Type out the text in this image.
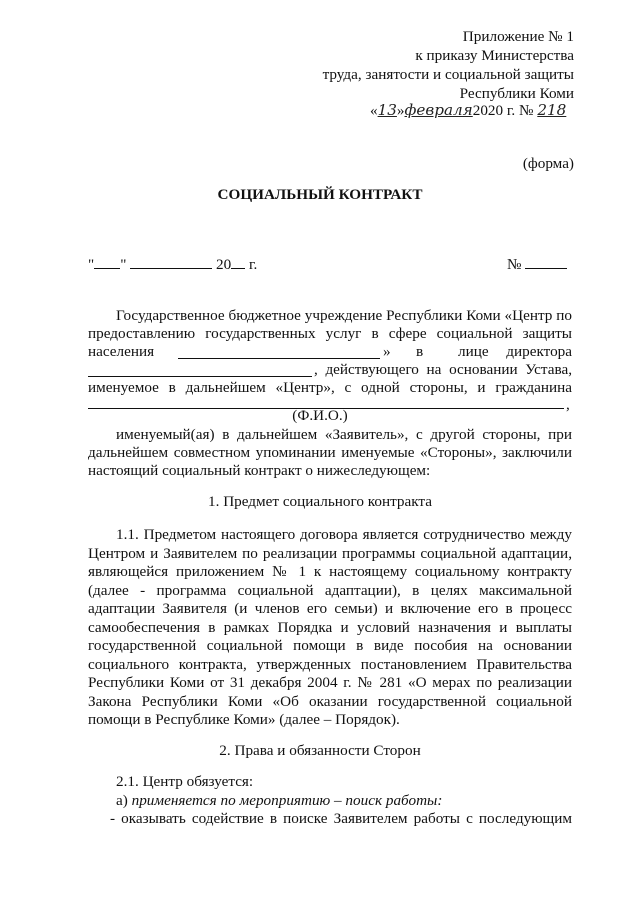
Приложение № 1
к приказу Министерства
труда, занятости и социальной защиты
Республики Коми
«13»февраля2020 г. № 218
(форма)
СОЦИАЛЬНЫЙ КОНТРАКТ
" "	20 г.	№
Государственное бюджетное учреждение Республики Коми «Центр по
предоставлению государственных услуг в сфере социальной защиты
населения	» в лице директора
, действующего на основании Устава,
именуемое в дальнейшем «Центр», с одной стороны, и гражданина
,
(Ф.И.О.)
именуемый(ая) в дальнейшем «Заявитель», с другой стороны, при
дальнейшем совместном упоминании именуемые «Стороны», заключили
настоящий социальный контракт о нижеследующем:
1. Предмет социального контракта
1.1. Предметом настоящего договора является сотрудничество между
Центром и Заявителем по реализации программы социальной адаптации,
являющейся приложением № 1 к настоящему социальному контракту
(далее - программа социальной адаптации), в целях максимальной
адаптации Заявителя (и членов его семьи) и включение его в процесс
самообеспечения в рамках Порядка и условий назначения и выплаты
государственной социальной помощи в виде пособия на основании
социального контракта, утвержденных постановлением Правительства
Республики Коми от 31 декабря 2004 г. № 281 «О мерах по реализации
Закона Республики Коми «Об оказании государственной социальной
помощи в Республике Коми» (далее – Порядок).
2. Права и обязанности Сторон
2.1. Центр обязуется:
а) применяется по мероприятию – поиск работы:
- оказывать содействие в поиске Заявителем работы с последующим
